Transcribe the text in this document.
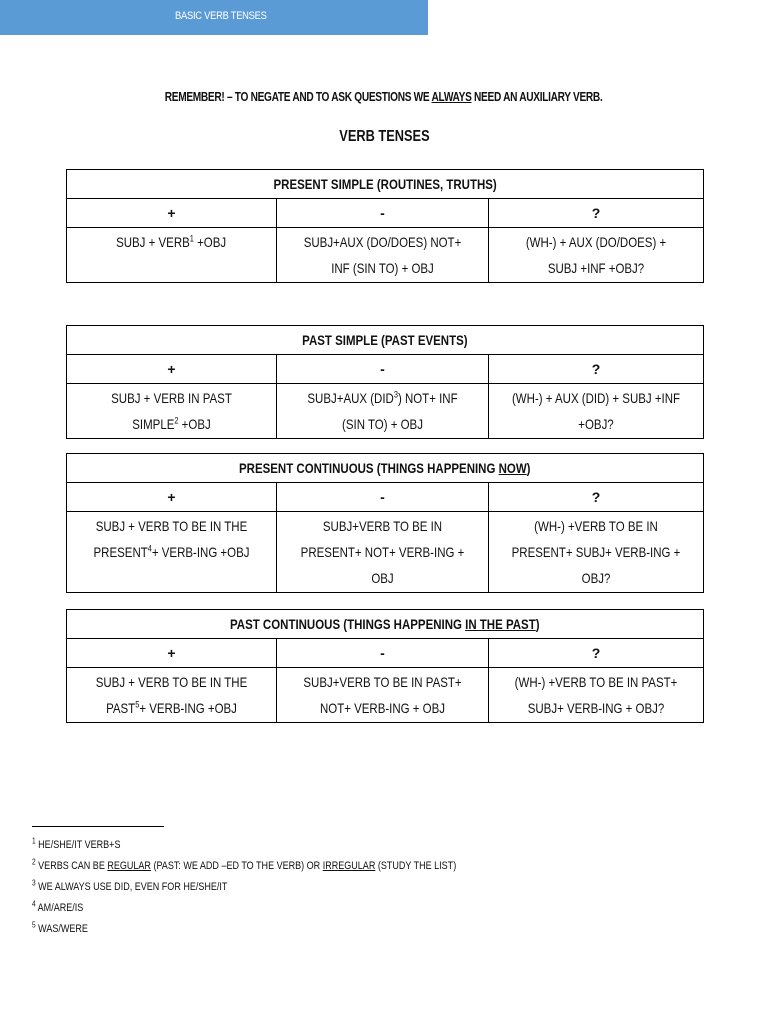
BASIC VERB TENSES
REMEMBER! – TO NEGATE AND TO ASK QUESTIONS WE ALWAYS NEED AN AUXILIARY VERB.
VERB TENSES
PRESENT SIMPLE (ROUTINES, TRUTHS)		
+	-	?
SUBJ + $VERB^1 +OBJ$	SUBJ+AUX (DO/DOES) NOT+ INF (SIN TO) + OBJ	(WH-) + AUX (DO/DOES) + SUBJ +INF +OBJ?
PAST SIMPLE (PAST EVENTS)		
+	-	?
SUBJ + VERB IN PAST $SIMPLE^2 +OBJ$	SUBJ+AUX (DID$^3$) NOT+ INF (SIN TO) + OBJ	(WH-) + AUX (DID) + SUBJ +INF +OBJ?
PRESENT CONTINUOUS (THINGS HAPPENING NOW)		
+	-	?
SUBJ + VERB TO BE IN THE $PRESENT^4+$ VERB-ING +OBJ	SUBJ+VERB TO BE IN PRESENT+ NOT+ VERB-ING + OBJ	(WH-) +VERB TO BE IN PRESENT+ SUBJ+ VERB-ING + OBJ?
PAST CONTINUOUS (THINGS HAPPENING IN THE PAST)		
+	-	?
SUBJ + VERB TO BE IN THE $PAST^5+$ VERB-ING +OBJ	SUBJ+VERB TO BE IN PAST+ NOT+ VERB-ING + OBJ	(WH-) +VERB TO BE IN PAST+ SUBJ+ VERB-ING + OBJ?
$^1$ HE/SHE/IT VERB+S
$^2$ VERBS CAN BE REGULAR (PAST: WE ADD –ED TO THE VERB) OR IRREGULAR (STUDY THE LIST)
$^3$ WE ALWAYS USE DID, EVEN FOR HE/SHE/IT
$^4$ AM/ARE/IS
$^5$ WAS/WERE
